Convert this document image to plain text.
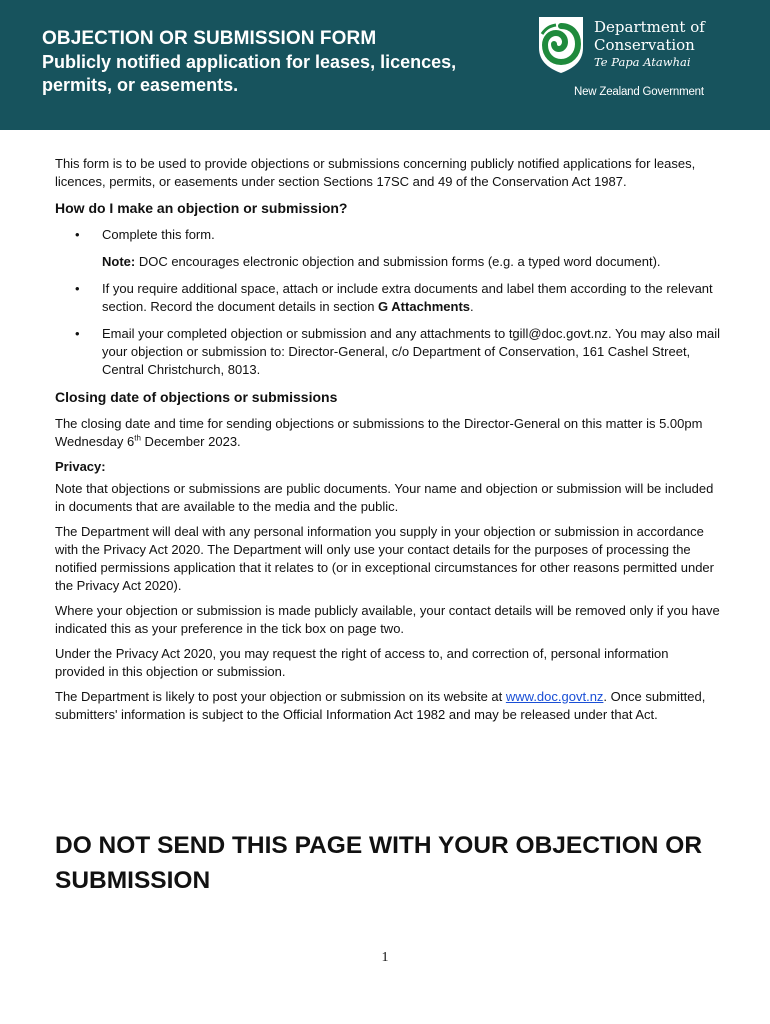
OBJECTION OR SUBMISSION FORM
Publicly notified application for leases, licences, permits, or easements.
Department of
Conservation
Te Papa Atawhai
New Zealand Government

This form is to be used to provide objections or submissions concerning publicly notified applications for leases, licences, permits, or easements under section Sections 17SC and 49 of the Conservation Act 1987.

How do I make an objection or submission?
• Complete this form.

Note: DOC encourages electronic objection and submission forms (e.g. a typed word document).

• If you require additional space, attach or include extra documents and label them according to the relevant section. Record the document details in section G Attachments.
• Email your completed objection or submission and any attachments to tgill@doc.govt.nz. You may also mail your objection or submission to: Director-General, c/o Department of Conservation, 161 Cashel Street, Central Christchurch, 8013.
Closing date of objections or submissions

The closing date and time for sending objections or submissions to the Director-General on this matter is 5.00pm Wednesday 6th December 2023.

Privacy:

Note that objections or submissions are public documents. Your name and objection or submission will be included in documents that are available to the media and the public.

The Department will deal with any personal information you supply in your objection or submission in accordance with the Privacy Act 2020. The Department will only use your contact details for the purposes of processing the notified permissions application that it relates to (or in exceptional circumstances for other reasons permitted under the Privacy Act 2020).

Where your objection or submission is made publicly available, your contact details will be removed only if you have indicated this as your preference in the tick box on page two.

Under the Privacy Act 2020, you may request the right of access to, and correction of, personal information provided in this objection or submission.

The Department is likely to post your objection or submission on its website at www.doc.govt.nz. Once submitted, submitters' information is subject to the Official Information Act 1982 and may be released under that Act.

DO NOT SEND THIS PAGE WITH YOUR OBJECTION OR SUBMISSION
1
